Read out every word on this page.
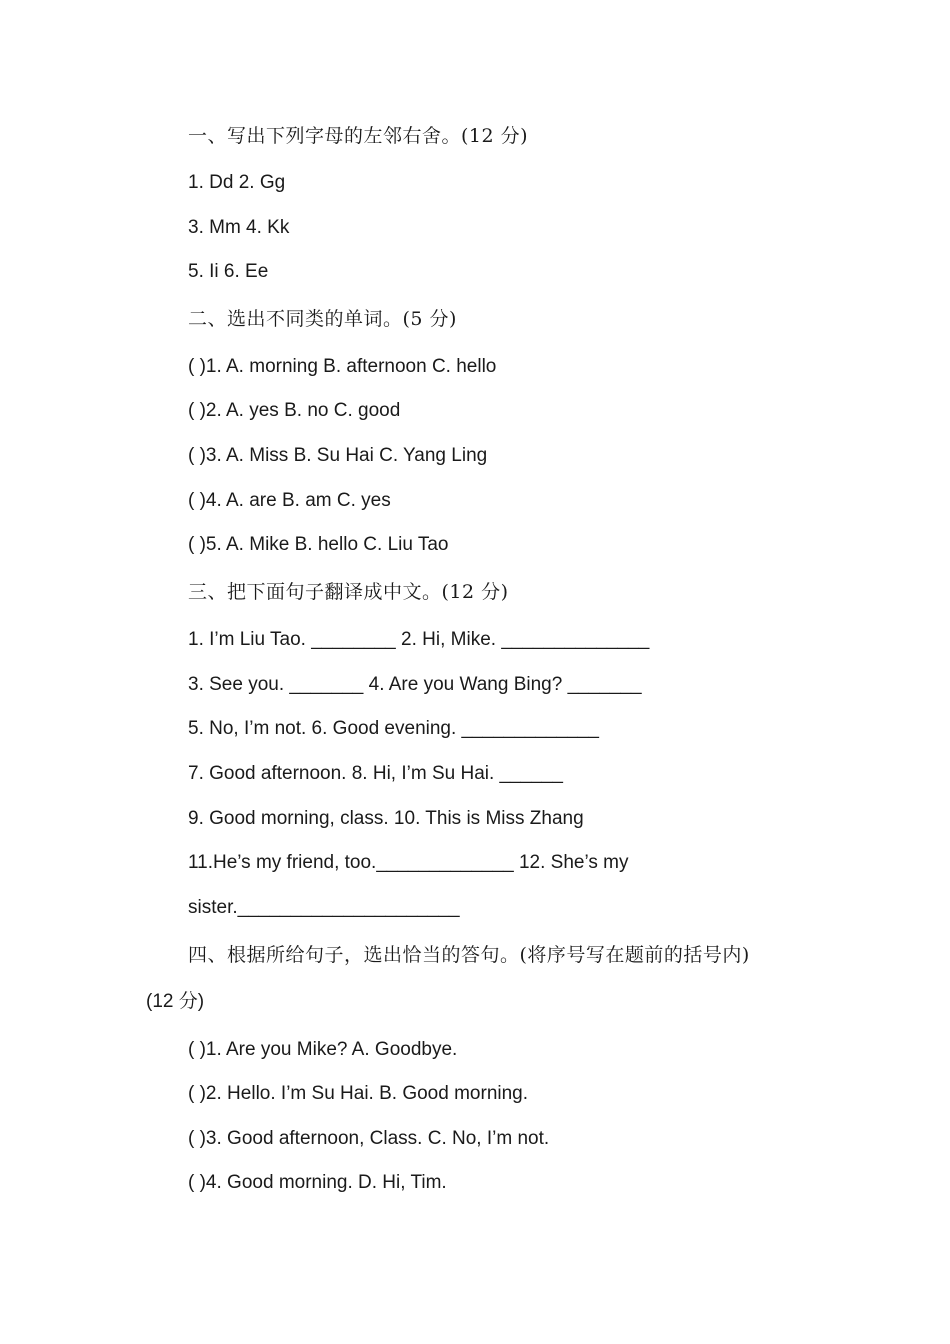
一、写出下列字母的左邻右舍。(12 分)
1. Dd 2. Gg
3. Mm 4. Kk
5. Ii 6. Ee
二、选出不同类的单词。(5 分)
( )1. A. morning B. afternoon C. hello
( )2. A. yes B. no C. good
( )3. A. Miss B. Su Hai C. Yang Ling
( )4. A. are B. am C. yes
( )5. A. Mike B. hello C. Liu Tao
三、把下面句子翻译成中文。(12 分)
1. I’m Liu Tao. ________ 2. Hi, Mike. ______________
3. See you. _______ 4. Are you Wang Bing? _______
5. No, I’m not. 6. Good evening. _____________
7. Good afternoon. 8. Hi, I’m Su Hai. ______
9. Good morning, class. 10. This is Miss Zhang
11.He’s my friend, too._____________ 12. She’s my
sister._____________________
四、根据所给句子，选出恰当的答句。(将序号写在题前的括号内)
(12 分)
( )1. Are you Mike? A. Goodbye.
( )2. Hello. I’m Su Hai. B. Good morning.
( )3. Good afternoon, Class. C. No, I’m not.
( )4. Good morning. D. Hi, Tim.
